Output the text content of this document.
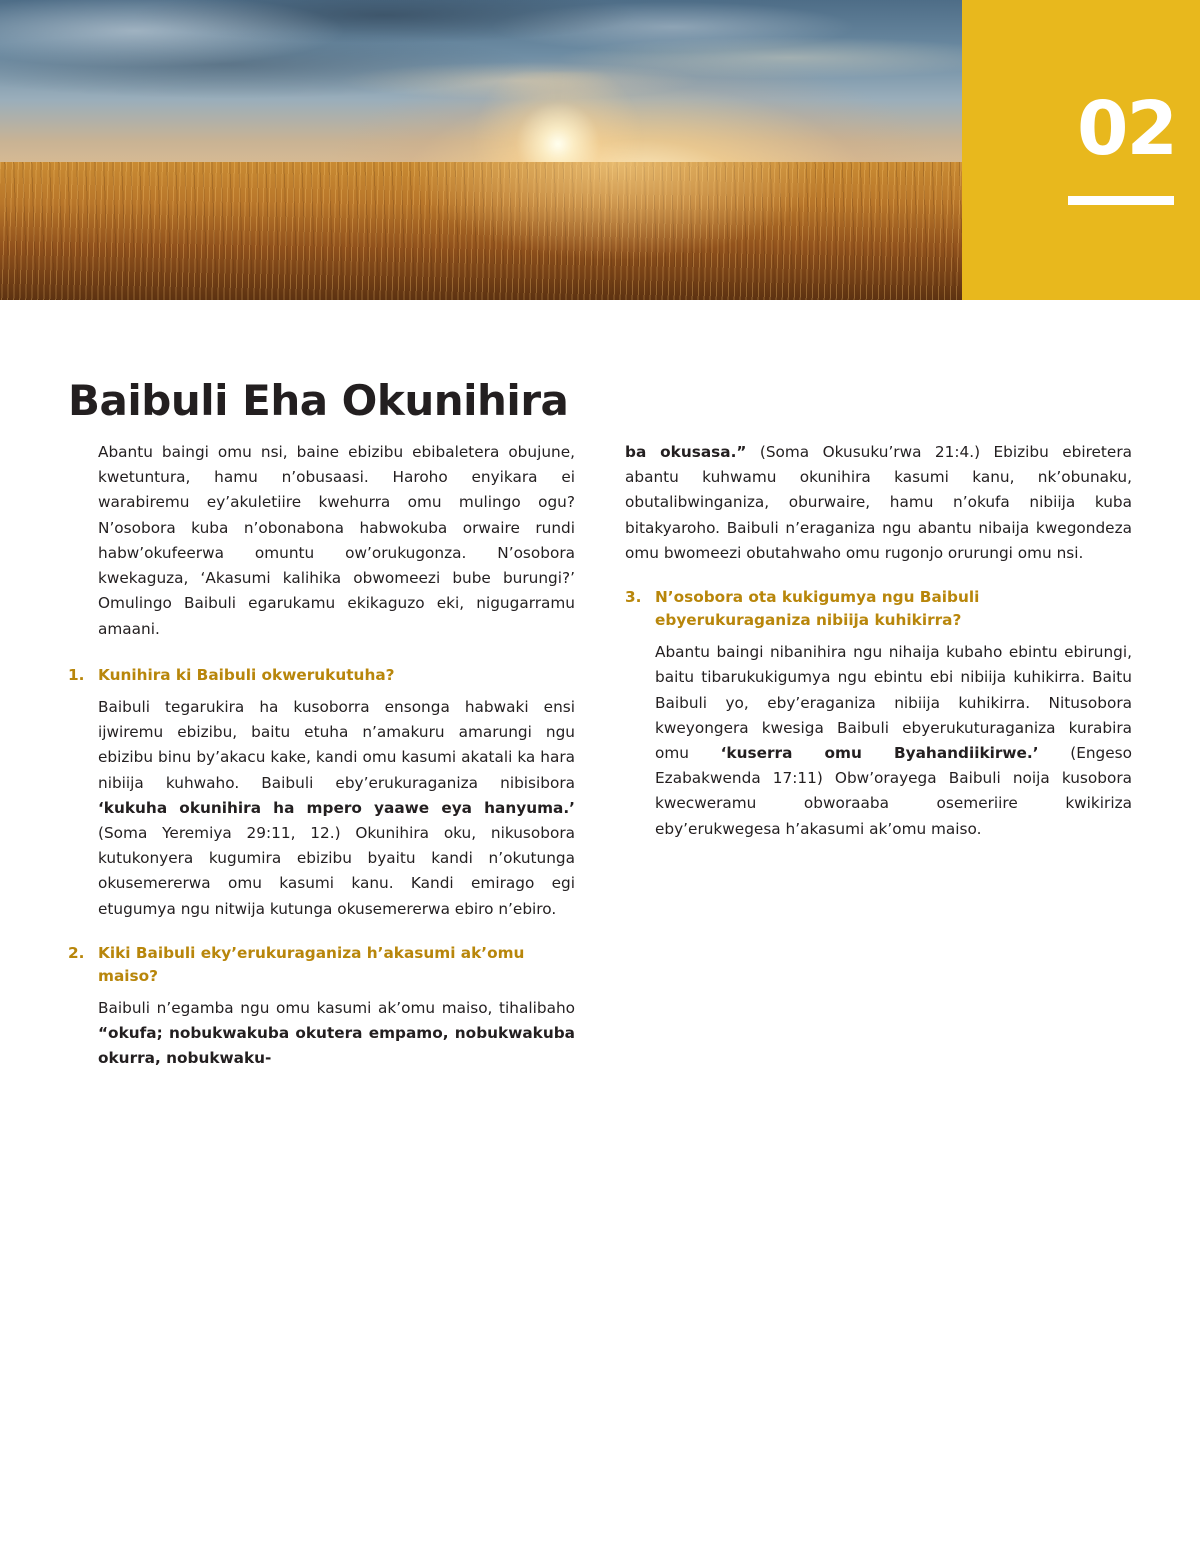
02
Baibuli Eha Okunihira

Abantu baingi omu nsi, baine ebizibu ebibaletera obujune, kwetuntura, hamu n’obusaasi. Haroho enyikara ei warabiremu ey’akuletiire kwehurra omu mulingo ogu? N’osobora kuba n’obonabona habwokuba orwaire rundi habw’okufeerwa omuntu ow’orukugonza. N’osobora kwekaguza, ‘Akasumi kalihika obwomeezi bube burungi?’ Omulingo Baibuli egarukamu ekikaguzo eki, nigugarramu amaani.

1. Kunihira ki Baibuli okwerukutuha?

Baibuli tegarukira ha kusoborra ensonga habwaki ensi ijwiremu ebizibu, baitu etuha n’amakuru amarungi ngu ebizibu binu by’akacu kake, kandi omu kasumi akatali ka hara nibiija kuhwaho. Baibuli eby’erukuraganiza nibisibora ‘kukuha okunihira ha mpero yaawe eya hanyuma.’ (Soma Yeremiya 29:11, 12.) Okunihira oku, nikusobora kutukonyera kugumira ebizibu byaitu kandi n’okutunga okusemererwa omu kasumi kanu. Kandi emirago egi etugumya ngu nitwija kutunga okusemererwa ebiro n’ebiro.

2. Kiki Baibuli eky’erukuraganiza h’akasumi ak’omu maiso?

Baibuli n’egamba ngu omu kasumi ak’omu maiso, tihalibaho “okufa; nobukwakuba okutera empamo, nobukwakuba okurra, nobukwaku-

ba okusasa.” (Soma Okusuku’rwa 21:4.) Ebizibu ebiretera abantu kuhwamu okunihira kasumi kanu, nk’obunaku, obutalibwinganiza, oburwaire, hamu n’okufa nibiija kuba bitakyaroho. Baibuli n’eraganiza ngu abantu nibaija kwegondeza omu bwomeezi obutahwaho omu rugonjo orurungi omu nsi.

3. N’osobora ota kukigumya ngu Baibuli ebyerukuraganiza nibiija kuhikirra?

Abantu baingi nibanihira ngu nihaija kubaho ebintu ebirungi, baitu tibarukukigumya ngu ebintu ebi nibiija kuhikirra. Baitu Baibuli yo, eby’eraganiza nibiija kuhikirra. Nitusobora kweyongera kwesiga Baibuli ebyerukuturaganiza kurabira omu ‘kuserra omu Byahandiikirwe.’ (Engeso Ezabakwenda 17:11) Obw’orayega Baibuli noija kusobora kwecweramu obworaaba osemeriire kwikiriza eby’erukwegesa h’akasumi ak’omu maiso.
